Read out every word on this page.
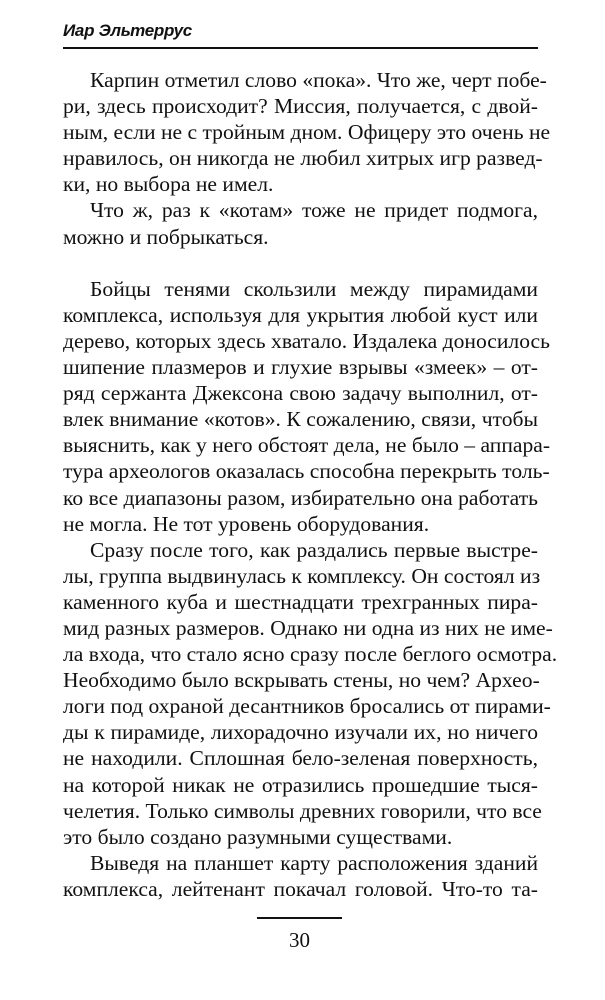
Иар Эльтеррус
Карпин отметил слово «пока». Что же, черт побе-
ри, здесь происходит? Миссия, получается, с двой-
ным, если не с тройным дном. Офицеру это очень не
нравилось, он никогда не любил хитрых игр развед-
ки, но выбора не имел.
Что ж, раз к «котам» тоже не придет подмога,
можно и побрыкаться.
Бойцы тенями скользили между пирамидами
комплекса, используя для укрытия любой куст или
дерево, которых здесь хватало. Издалека доносилось
шипение плазмеров и глухие взрывы «змеек» – от-
ряд сержанта Джексона свою задачу выполнил, от-
влек внимание «котов». К сожалению, связи, чтобы
выяснить, как у него обстоят дела, не было – аппара-
тура археологов оказалась способна перекрыть толь-
ко все диапазоны разом, избирательно она работать
не могла. Не тот уровень оборудования.
Сразу после того, как раздались первые выстре-
лы, группа выдвинулась к комплексу. Он состоял из
каменного куба и шестнадцати трехгранных пира-
мид разных размеров. Однако ни одна из них не име-
ла входа, что стало ясно сразу после беглого осмотра.
Необходимо было вскрывать стены, но чем? Архео-
логи под охраной десантников бросались от пирами-
ды к пирамиде, лихорадочно изучали их, но ничего
не находили. Сплошная бело-зеленая поверхность,
на которой никак не отразились прошедшие тыся-
челетия. Только символы древних говорили, что все
это было создано разумными существами.
Выведя на планшет карту расположения зданий
комплекса, лейтенант покачал головой. Что-то та-
30
